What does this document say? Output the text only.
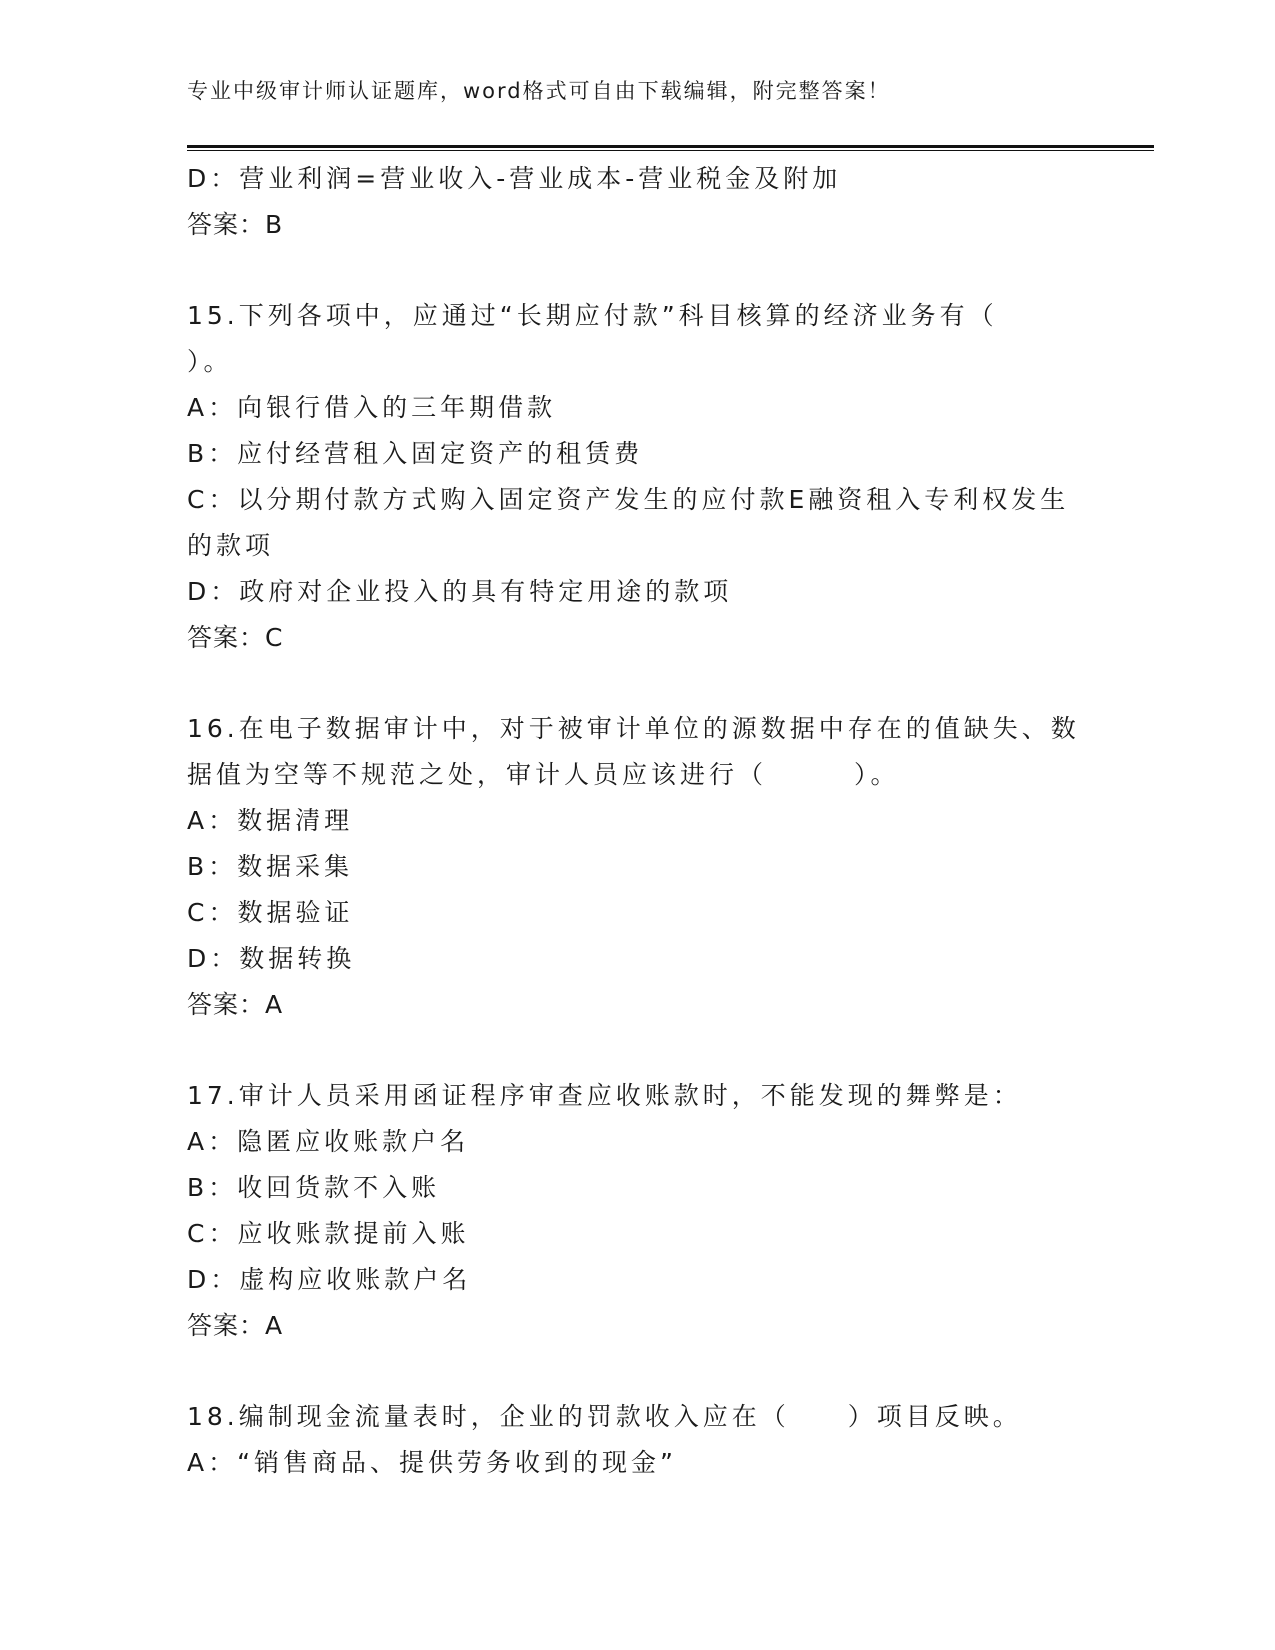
专业中级审计师认证题库，word格式可自由下载编辑，附完整答案！
D：营业利润=营业收入-营业成本-营业税金及附加
答案：B
15.下列各项中，应通过“长期应付款”科目核算的经济业务有（
）。
A：向银行借入的三年期借款
B：应付经营租入固定资产的租赁费
C：以分期付款方式购入固定资产发生的应付款E融资租入专利权发生
的款项
D：政府对企业投入的具有特定用途的款项
答案：C
16.在电子数据审计中，对于被审计单位的源数据中存在的值缺失、数
据值为空等不规范之处，审计人员应该进行（　　　）。
A：数据清理
B：数据采集
C：数据验证
D：数据转换
答案：A
17.审计人员采用函证程序审查应收账款时，不能发现的舞弊是：
A：隐匿应收账款户名
B：收回货款不入账
C：应收账款提前入账
D：虚构应收账款户名
答案：A
18.编制现金流量表时，企业的罚款收入应在（　　）项目反映。
A：“销售商品、提供劳务收到的现金”
